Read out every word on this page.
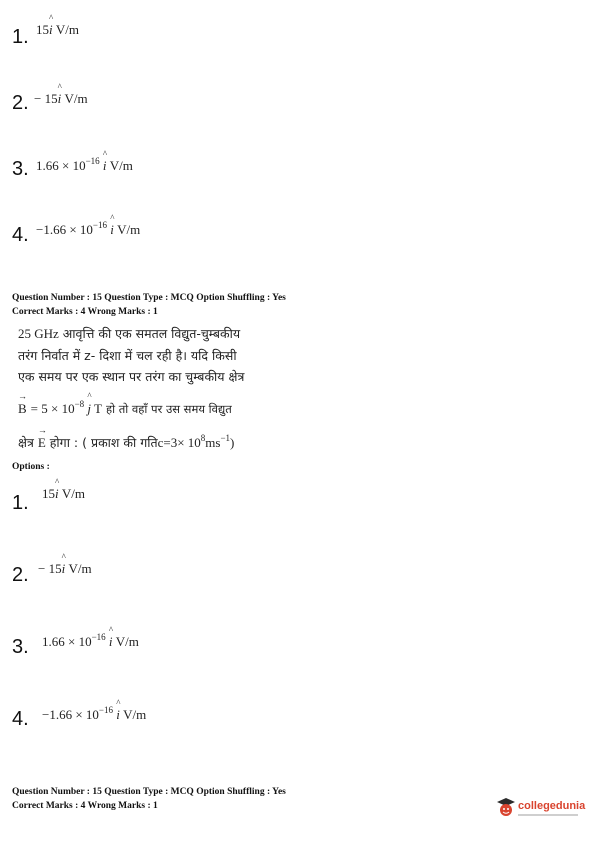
1. 15
^
i V/m
2. − 15
^
i V/m
3. $1.66 \times 10^{-16}$
^
i V/m
4. $-1.66 \times 10^{-16}$
^
i V/m
Question Number : 15 Question Type : MCQ Option Shuffling : Yes
Correct Marks : 4 Wrong Marks : 1
25 GHz आवृत्ति की एक समतल विद्युत-चुम्बकीय
तरंग निर्वात में z- दिशा में चल रही है। यदि किसी
एक समय पर एक स्थान पर तरंग का चुम्बकीय क्षेत्र
→
$B = 5 \times 10^{-8}$
^
j T हो तो वहाँ पर उस समय विद्युत
क्षेत्र
→
E होगा : ( प्रकाश की गतिc=3× $10^8ms^{-1}$)
Options :
1. 15
^
i V/m
2. − 15
^
i V/m
3. $1.66 \times 10^{-16}$
^
i V/m
4. $-1.66 \times 10^{-16}$
^
i V/m
Question Number : 15 Question Type : MCQ Option Shuffling : Yes
Correct Marks : 4 Wrong Marks : 1	collegedunia
